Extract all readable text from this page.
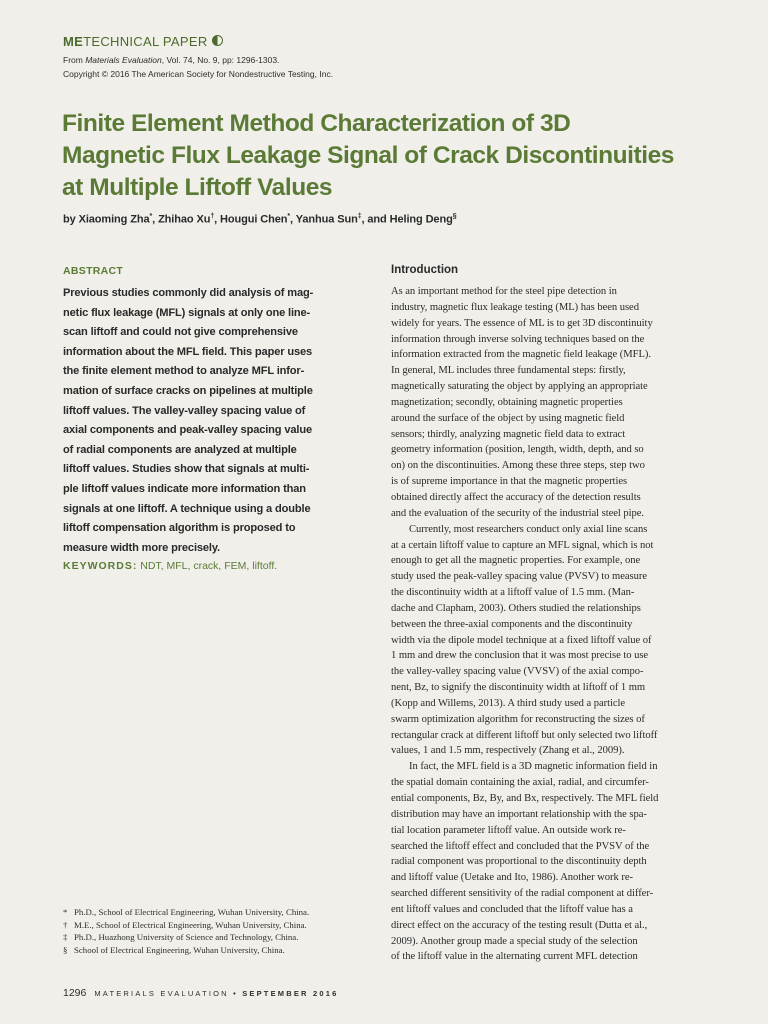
METECHNICAL PAPER
From Materials Evaluation, Vol. 74, No. 9, pp: 1296-1303.
Copyright © 2016 The American Society for Nondestructive Testing, Inc.
Finite Element Method Characterization of 3D
Magnetic Flux Leakage Signal of Crack Discontinuities
at Multiple Liftoff Values
by Xiaoming Zha*, Zhihao Xu†, Hougui Chen*, Yanhua Sun‡, and Heling Deng§
ABSTRACT
Previous studies commonly did analysis of mag-
netic flux leakage (MFL) signals at only one line-
scan liftoff and could not give comprehensive
information about the MFL field. This paper uses
the finite element method to analyze MFL infor-
mation of surface cracks on pipelines at multiple
liftoff values. The valley-valley spacing value of
axial components and peak-valley spacing value
of radial components are analyzed at multiple
liftoff values. Studies show that signals at multi-
ple liftoff values indicate more information than
signals at one liftoff. A technique using a double
liftoff compensation algorithm is proposed to
measure width more precisely.
KEYWORDS: NDT, MFL, crack, FEM, liftoff.
* Ph.D., School of Electrical Engineering, Wuhan University, China.
† M.E., School of Electrical Engineering, Wuhan University, China.
‡ Ph.D., Huazhong University of Science and Technology, China.
§ School of Electrical Engineering, Wuhan University, China.
Introduction
As an important method for the steel pipe detection in
industry, magnetic flux leakage testing (ML) has been used
widely for years. The essence of ML is to get 3D discontinuity
information through inverse solving techniques based on the
information extracted from the magnetic field leakage (MFL).
In general, ML includes three fundamental steps: firstly,
magnetically saturating the object by applying an appropriate
magnetization; secondly, obtaining magnetic properties
around the surface of the object by using magnetic field
sensors; thirdly, analyzing magnetic field data to extract
geometry information (position, length, width, depth, and so
on) on the discontinuities. Among these three steps, step two
is of supreme importance in that the magnetic properties
obtained directly affect the accuracy of the detection results
and the evaluation of the security of the industrial steel pipe.
Currently, most researchers conduct only axial line scans
at a certain liftoff value to capture an MFL signal, which is not
enough to get all the magnetic properties. For example, one
study used the peak-valley spacing value (PVSV) to measure
the discontinuity width at a liftoff value of 1.5 mm. (Man-
dache and Clapham, 2003). Others studied the relationships
between the three-axial components and the discontinuity
width via the dipole model technique at a fixed liftoff value of
1 mm and drew the conclusion that it was most precise to use
the valley-valley spacing value (VVSV) of the axial compo-
nent, Bz, to signify the discontinuity width at liftoff of 1 mm
(Kopp and Willems, 2013). A third study used a particle
swarm optimization algorithm for reconstructing the sizes of
rectangular crack at different liftoff but only selected two liftoff
values, 1 and 1.5 mm, respectively (Zhang et al., 2009).
In fact, the MFL field is a 3D magnetic information field in
the spatial domain containing the axial, radial, and circumfer-
ential components, Bz, By, and Bx, respectively. The MFL field
distribution may have an important relationship with the spa-
tial location parameter liftoff value. An outside work re-
searched the liftoff effect and concluded that the PVSV of the
radial component was proportional to the discontinuity depth
and liftoff value (Uetake and Ito, 1986). Another work re-
searched different sensitivity of the radial component at differ-
ent liftoff values and concluded that the liftoff value has a
direct effect on the accuracy of the testing result (Dutta et al.,
2009). Another group made a special study of the selection
of the liftoff value in the alternating current MFL detection
1296 MATERIALS EVALUATION • SEPTEMBER 2016
